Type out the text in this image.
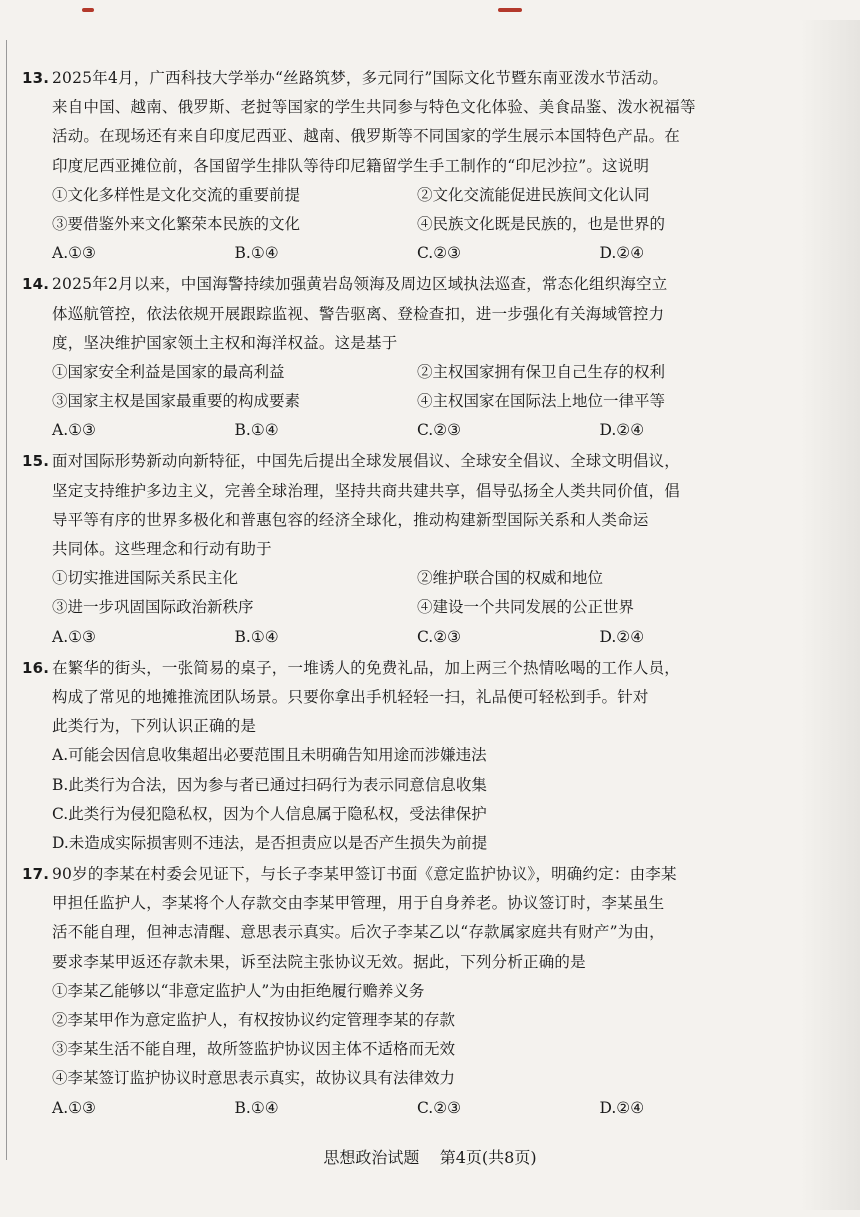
13. 2025年4月，广西科技大学举办“丝路筑梦，多元同行”国际文化节暨东南亚泼水节活动。
来自中国、越南、俄罗斯、老挝等国家的学生共同参与特色文化体验、美食品鉴、泼水祝福等
活动。在现场还有来自印度尼西亚、越南、俄罗斯等不同国家的学生展示本国特色产品。在
印度尼西亚摊位前，各国留学生排队等待印尼籍留学生手工制作的“印尼沙拉”。这说明
①文化多样性是文化交流的重要前提	②文化交流能促进民族间文化认同
③要借鉴外来文化繁荣本民族的文化	④民族文化既是民族的，也是世界的
A.①③	B.①④	C.②③	D.②④
14. 2025年2月以来，中国海警持续加强黄岩岛领海及周边区域执法巡查，常态化组织海空立
体巡航管控，依法依规开展跟踪监视、警告驱离、登检查扣，进一步强化有关海域管控力
度，坚决维护国家领土主权和海洋权益。这是基于
①国家安全利益是国家的最高利益	②主权国家拥有保卫自己生存的权利
③国家主权是国家最重要的构成要素	④主权国家在国际法上地位一律平等
A.①③	B.①④	C.②③	D.②④
15. 面对国际形势新动向新特征，中国先后提出全球发展倡议、全球安全倡议、全球文明倡议，
坚定支持维护多边主义，完善全球治理，坚持共商共建共享，倡导弘扬全人类共同价值，倡
导平等有序的世界多极化和普惠包容的经济全球化，推动构建新型国际关系和人类命运
共同体。这些理念和行动有助于
①切实推进国际关系民主化	②维护联合国的权威和地位
③进一步巩固国际政治新秩序	④建设一个共同发展的公正世界
A.①③	B.①④	C.②③	D.②④
16. 在繁华的街头，一张简易的桌子，一堆诱人的免费礼品，加上两三个热情吆喝的工作人员，
构成了常见的地摊推流团队场景。只要你拿出手机轻轻一扫，礼品便可轻松到手。针对
此类行为，下列认识正确的是
A.可能会因信息收集超出必要范围且未明确告知用途而涉嫌违法
B.此类行为合法，因为参与者已通过扫码行为表示同意信息收集
C.此类行为侵犯隐私权，因为个人信息属于隐私权，受法律保护
D.未造成实际损害则不违法，是否担责应以是否产生损失为前提
17. 90岁的李某在村委会见证下，与长子李某甲签订书面《意定监护协议》，明确约定：由李某
甲担任监护人，李某将个人存款交由李某甲管理，用于自身养老。协议签订时，李某虽生
活不能自理，但神志清醒、意思表示真实。后次子李某乙以“存款属家庭共有财产”为由，
要求李某甲返还存款未果，诉至法院主张协议无效。据此，下列分析正确的是
①李某乙能够以“非意定监护人”为由拒绝履行赡养义务
②李某甲作为意定监护人，有权按协议约定管理李某的存款
③李某生活不能自理，故所签监护协议因主体不适格而无效
④李某签订监护协议时意思表示真实，故协议具有法律效力
A.①③	B.①④	C.②③	D.②④
思想政治试题 第4页(共8页)
